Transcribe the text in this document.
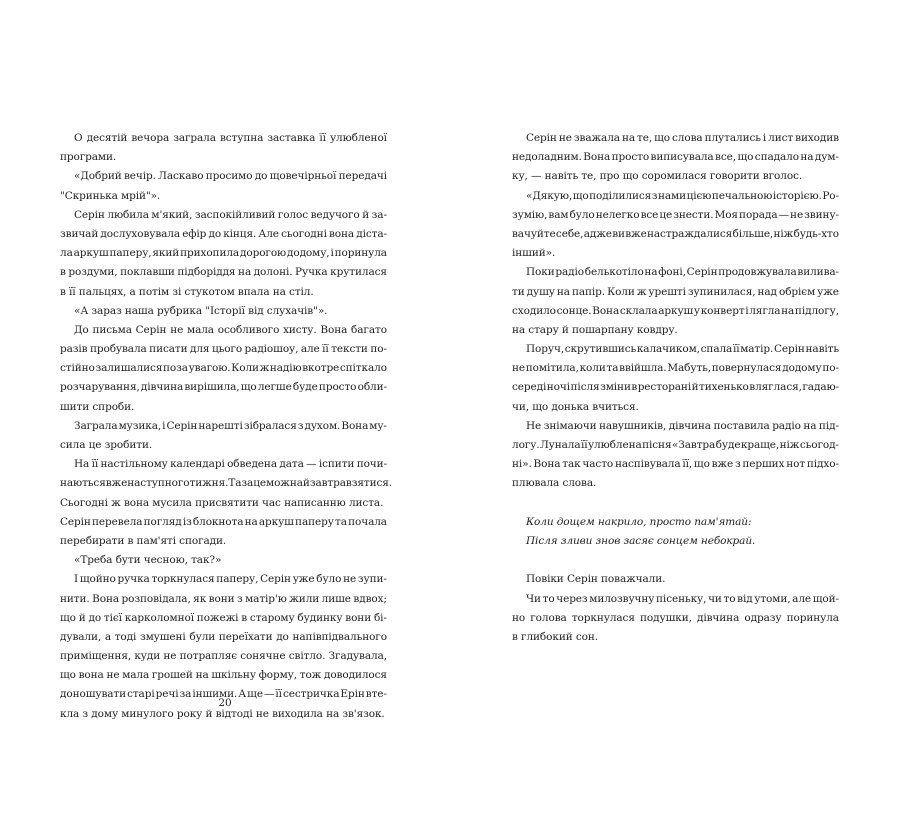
О десятій вечора заграла вступна заставка її улюбленої
програми.
«Добрий вечір. Ласкаво просимо до щовечірньої передачі
"Скринька мрій"».
Серін любила м'який, заспокійливий голос ведучого й за-
звичай дослуховувала ефір до кінця. Але сьогодні вона діста-
ла аркуш паперу, який прихопила дорогою додому, і поринула
в роздуми, поклавши підборіддя на долоні. Ручка крутилася
в її пальцях, а потім зі стукотом впала на стіл.
«А зараз наша рубрика "Історії від слухачів"».
До письма Серін не мала особливого хисту. Вона багато
разів пробувала писати для цього радіошоу, але її тексти по-
стійно залишалися поза увагою. Коли ж надію вкотре спіткало
розчарування, дівчина вирішила, що легше буде просто обли-
шити спроби.
Заграла музика, і Серін нарешті зібралася з духом. Вона му-
сила це зробити.
На її настільному календарі обведена дата — іспити почи-
наються вже наступного тижня. Та за це можна й завтра взятися.
Сьогодні ж вона мусила присвятити час написанню листа.
Серін перевела погляд із блокнота на аркуш паперу та почала
перебирати в пам'яті спогади.
«Треба бути чесною, так?»
І щойно ручка торкнулася паперу, Серін уже було не зупи-
нити. Вона розповідала, як вони з матір'ю жили лише вдвох;
що й до тієї карколомної пожежі в старому будинку вони бі-
дували, а тоді змушені були переїхати до напівпідвального
приміщення, куди не потрапляє сонячне світло. Згадувала,
що вона не мала грошей на шкільну форму, тож доводилося
доношувати старі речі за іншими. А ще — її сестричка Ерін вте-
кла з дому минулого року й відтоді не виходила на зв'язок.
20
Серін не зважала на те, що слова плутались і лист виходив
недоладним. Вона просто виписувала все, що спадало на дум-
ку, — навіть те, про що соромилася говорити вголос.
«Дякую, що поділилися з нами цією печальною історією. Ро-
зумію, вам було нелегко все це знести. Моя порада — не звину-
вачуйте себе, адже ви вже настраждалися більше, ніж будь-хто
інший».
Поки радіо белькотіло на фоні, Серін продовжувала вилива-
ти душу на папір. Коли ж урешті зупинилася, над обрієм уже
сходило сонце. Вона склала аркуш у конверт і лягла на підлогу,
на стару й пошарпану ковдру.
Поруч, скрутившись калачиком, спала її матір. Серін навіть
не помітила, коли та ввійшла. Мабуть, повернулася додому по-
середі ночі після зміни в ресторані й тихенько вляглася, гадаю-
чи, що донька вчиться.
Не знімаючи навушників, дівчина поставила радіо на під-
логу. Лунала її улюблена пісня «Завтра буде краще, ніж сьогод-
ні». Вона так часто наспівувала її, що вже з перших нот підхо-
плювала слова.
Коли дощем накрило, просто пам'ятай:
Після зливи знов засяє сонцем небокрай.
Повіки Серін поважчали.
Чи то через милозвучну пісеньку, чи то від утоми, але щой-
но голова торкнулася подушки, дівчина одразу поринула
в глибокий сон.
